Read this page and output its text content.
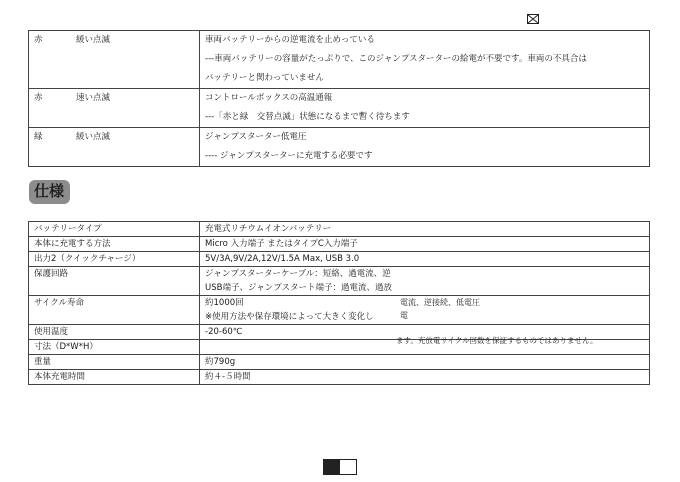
赤 緩い点滅	車両バッテリーからの逆電流を止めっている
---車両バッテリーの容量がたっぷりで、このジャンプスターターの給電が不要です。車両の不具合は
バッテリーと関わっていません

赤 速い点滅	コントロールボックスの高温通報
---「赤と緑　交替点滅」状態になるまで暫く待ちます

緑 緩い点滅	ジャンプスターター低電圧
---- ジャンプスターターに充電する必要です
仕様
バッテリータイプ	充電式リチウムイオンバッテリー
本体に充電する方法	Micro 入力端子 またはタイプC入力端子
出力2（クイックチャージ）	5V/3A,9V/2A,12V/1.5A Max, USB 3.0
保護回路	ジャンプスターターケーブル：短絡、過電流、逆
USB端子、ジャンプスタート端子：過電流、過放

サイクル寿命	約1000回
※使用方法や保存環境によって大きく変化し

使用温度	-20-60℃
寸法（D*W*H）	
重量	約790g
本体充電時間	約４-５時間
電流、逆接続、低電圧
電
ます。充放電サイクル回数を保証するものではありません。
